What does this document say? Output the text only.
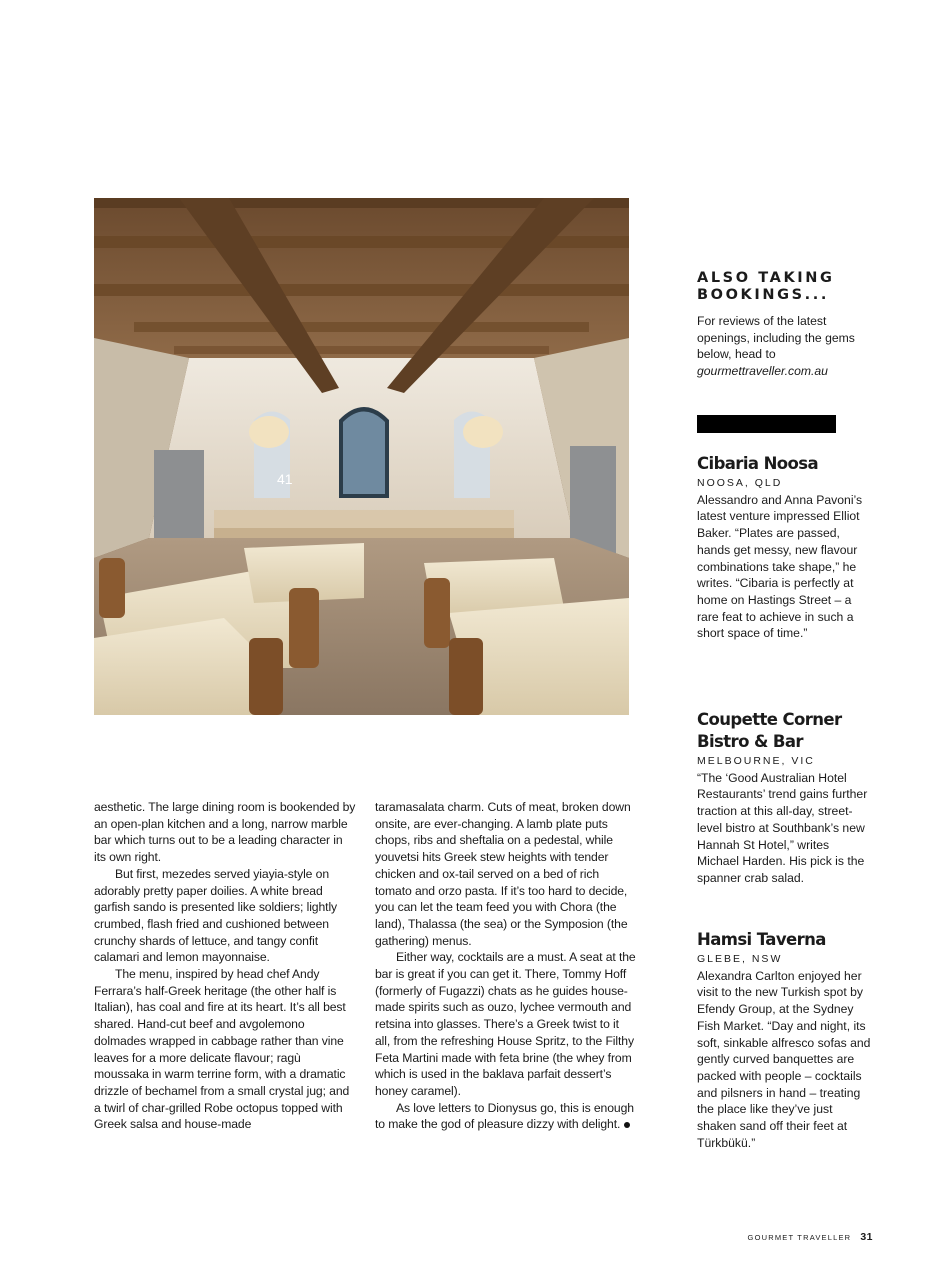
41

aesthetic. The large dining room is bookended by an open-plan kitchen and a long, narrow marble bar which turns out to be a leading character in its own right.

But first, mezedes served yiayia-style on adorably pretty paper doilies. A white bread garfish sando is presented like soldiers; lightly crumbed, flash fried and cushioned between crunchy shards of lettuce, and tangy confit calamari and lemon mayonnaise.

The menu, inspired by head chef Andy Ferrara’s half-Greek heritage (the other half is Italian), has coal and fire at its heart. It’s all best shared. Hand-cut beef and avgolemono dolmades wrapped in cabbage rather than vine leaves for a more delicate flavour; ragù moussaka in warm terrine form, with a dramatic drizzle of bechamel from a small crystal jug; and a twirl of char-grilled Robe octopus topped with Greek salsa and house-made

taramasalata charm. Cuts of meat, broken down onsite, are ever-changing. A lamb plate puts chops, ribs and sheftalia on a pedestal, while youvetsi hits Greek stew heights with tender chicken and ox-tail served on a bed of rich tomato and orzo pasta. If it’s too hard to decide, you can let the team feed you with Chora (the land), Thalassa (the sea) or the Symposion (the gathering) menus.

Either way, cocktails are a must. A seat at the bar is great if you can get it. There, Tommy Hoff (formerly of Fugazzi) chats as he guides house-made spirits such as ouzo, lychee vermouth and retsina into glasses. There’s a Greek twist to it all, from the refreshing House Spritz, to the Filthy Feta Martini made with feta brine (the whey from which is used in the baklava parfait dessert’s honey caramel).

As love letters to Dionysus go, this is enough to make the god of pleasure dizzy with delight.

ALSO TAKING BOOKINGS...

For reviews of the latest openings, including the gems below, head to
gourmettraveller.com.au

Cibaria Noosa
NOOSA, QLD

Alessandro and Anna Pavoni’s latest venture impressed Elliot Baker. “Plates are passed, hands get messy, new flavour combinations take shape,” he writes. “Cibaria is perfectly at home on Hastings Street – a rare feat to achieve in such a short space of time.”

Coupette Corner Bistro & Bar
MELBOURNE, VIC

“The ‘Good Australian Hotel Restaurants’ trend gains further traction at this all-day, street-level bistro at Southbank’s new Hannah St Hotel,” writes Michael Harden. His pick is the spanner crab salad.

Hamsi Taverna
GLEBE, NSW

Alexandra Carlton enjoyed her visit to the new Turkish spot by Efendy Group, at the Sydney Fish Market. “Day and night, its soft, sinkable alfresco sofas and gently curved banquettes are packed with people – cocktails and pilsners in hand – treating the place like they’ve just shaken sand off their feet at Türkbükü.”

GOURMET TRAVELLER 31
